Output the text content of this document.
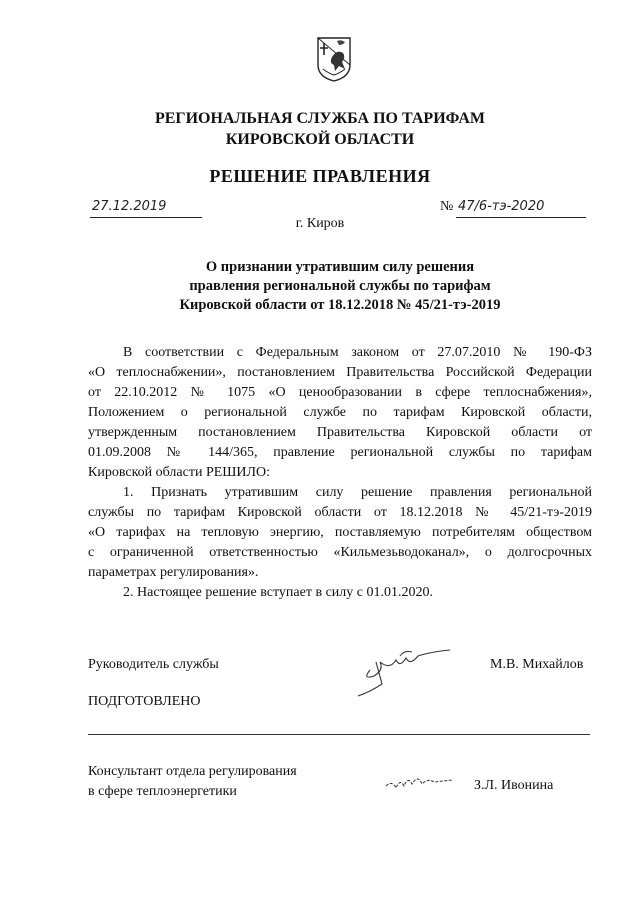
РЕГИОНАЛЬНАЯ СЛУЖБА ПО ТАРИФАМ
КИРОВСКОЙ ОБЛАСТИ
РЕШЕНИЕ ПРАВЛЕНИЯ
27.12.2019	№ 47/6-тэ-2020
г. Киров
О признании утратившим силу решения
правления региональной службы по тарифам
Кировской области от 18.12.2018 № 45/21-тэ-2019
В соответствии с Федеральным законом от 27.07.2010 № 190-ФЗ
«О теплоснабжении», постановлением Правительства Российской Федерации
от 22.10.2012 № 1075 «О ценообразовании в сфере теплоснабжения»,
Положением о региональной службе по тарифам Кировской области,
утвержденным постановлением Правительства Кировской области от
01.09.2008 № 144/365, правление региональной службы по тарифам
Кировской области РЕШИЛО:
1. Признать утратившим силу решение правления региональной
службы по тарифам Кировской области от 18.12.2018 № 45/21-тэ-2019
«О тарифах на тепловую энергию, поставляемую потребителям обществом
с ограниченной ответственностью «Кильмезьводоканал», о долгосрочных
параметрах регулирования».
2. Настоящее решение вступает в силу с 01.01.2020.
Руководитель службы	М.В. Михайлов
ПОДГОТОВЛЕНО
Консультант отдела регулирования
в сфере теплоэнергетики	З.Л. Ивонина
